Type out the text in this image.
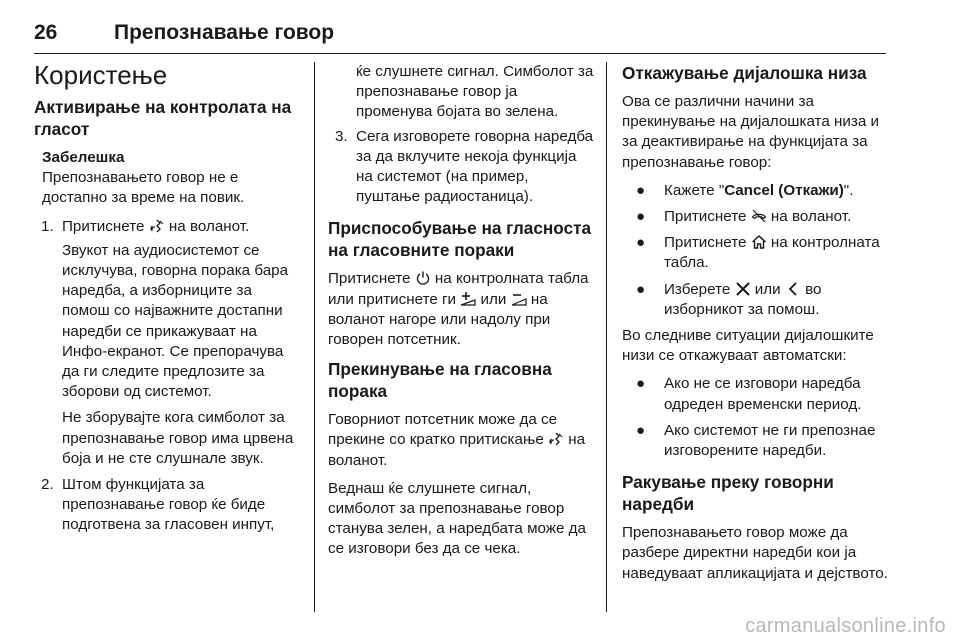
26	Препознавање говор
Користење
Активирање на контролата на гласот
Забелешка
Препознавањето говор не е достапно за време на повик.
1. Притиснете на воланот.
Звукот на аудиосистемот се исклучува, говорна порака бара наредба, а изборниците за помош со најважните достапни наредби се прикажуваат на Инфо-екранот. Се препорачува да ги следите предлозите за зборови од системот.
Не зборувајте кога симболот за препознавање говор има црвена боја и не сте слушнале звук.
2. Штом функцијата за препознавање говор ќе биде подготвена за гласовен инпут,
ќе слушнете сигнал. Симболот за препознавање говор ја променува бојата во зелена.
3. Сега изговорете говорна наредба за да вклучите некоја функција на системот (на пример, пуштање радиостаница).
Приспособување на гласноста на гласовните пораки

Притиснете на контролната табла или притиснете ги или на воланот нагоре или надолу при говорен потсетник.

Прекинување на гласовна порака

Говорниот потсетник може да се прекине со кратко притискање на воланот.

Веднаш ќе слушнете сигнал, симболот за препознавање говор станува зелен, а наредбата може да се изговори без да се чека.

Откажување дијалошка низа

Ова се различни начини за прекинување на дијалошката низа и за деактивирање на функцијата за препознавање говор:

● Кажете "Cancel (Откажи)".
● Притиснете на воланот.
● Притиснете на контролната табла.
● Изберете или во изборникот за помош.

Во следниве ситуации дијалошките низи се откажуваат автоматски:

● Ако не се изговори наредба одреден временски период.
● Ако системот не ги препознае изговорените наредби.
Ракување преку говорни наредби

Препознавањето говор може да разбере директни наредби кои ја наведуваат апликацијата и дејството.

carmanualsonline.info
